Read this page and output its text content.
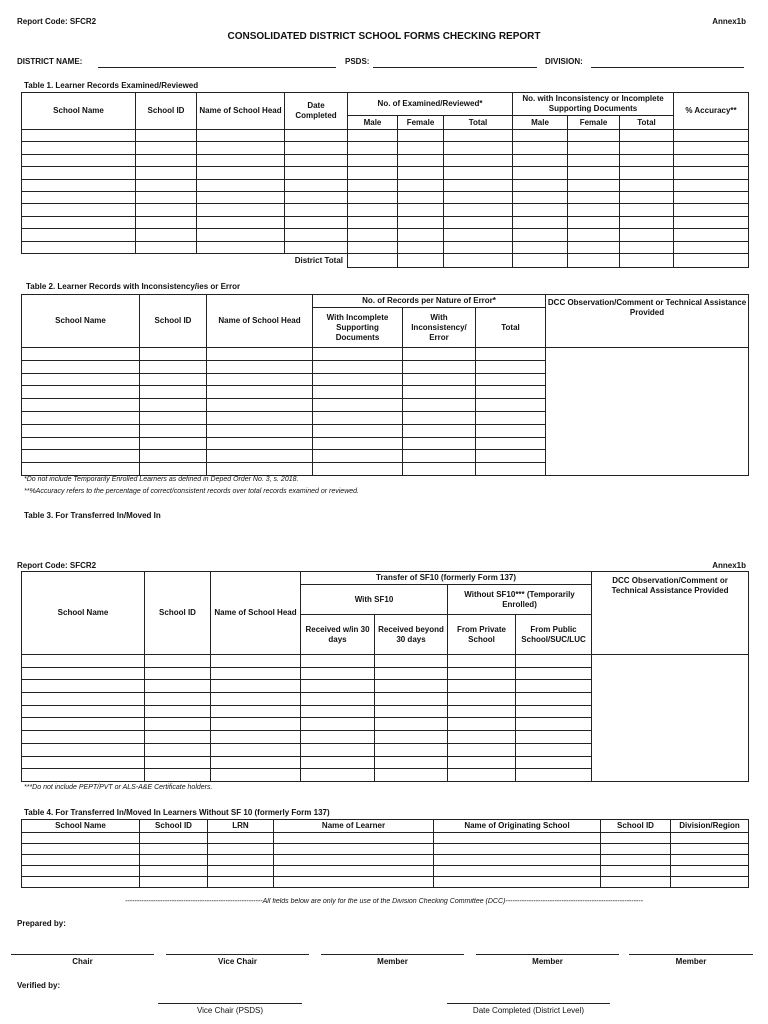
Report Code: SFCR2	Annex1b
CONSOLIDATED DISTRICT SCHOOL FORMS CHECKING REPORT
DISTRICT NAME:	PSDS:	DIVISION:
Table 1. Learner Records Examined/Reviewed
School Name	School ID	Name of School Head	Date Completed	No. of Examined/Reviewed*			No. with Inconsistency or Incomplete Supporting Documents			% Accuracy**
				Male	Female	Total	Male	Female	Total	

District Total										
Table 2. Learner Records with Inconsistency/ies or Error
School Name	School ID	Name of School Head	No. of Records per Nature of Error*			DCC Observation/Comment or Technical Assistance Provided
			With Incomplete Supporting Documents	With Inconsistency/ Error	Total	

*Do not include Temporarily Enrolled Learners as defined in Deped Order No. 3, s. 2018.
**%Accuracy refers to the percentage of correct/consistent records over total records examined or reviewed.
Table 3. For Transferred In/Moved In
Report Code: SFCR2	Annex1b
School Name	School ID	Name of School Head	Transfer of SF10 (formerly Form 137)				DCC Observation/Comment or Technical Assistance Provided
			With SF10		Without SF10*** (Temporarily Enrolled)		
			Received w/in 30 days	Received beyond 30 days	From Private School	From Public School/SUC/LUC	

***Do not include PEPT/PVT or ALS-A&E Certificate holders.
Table 4. For Transferred In/Moved In Learners Without SF 10 (formerly Form 137)
School Name	School ID	LRN	Name of Learner	Name of Originating School	School ID	Division/Region

-----------------------------------------------------------All fields below are only for the use of the Division Checking Committee (DCC)-----------------------------------------------------------
Prepared by:
Chair	Vice Chair	Member	Member	Member
Verified by:
Vice Chair (PSDS)	Date Completed (District Level)
